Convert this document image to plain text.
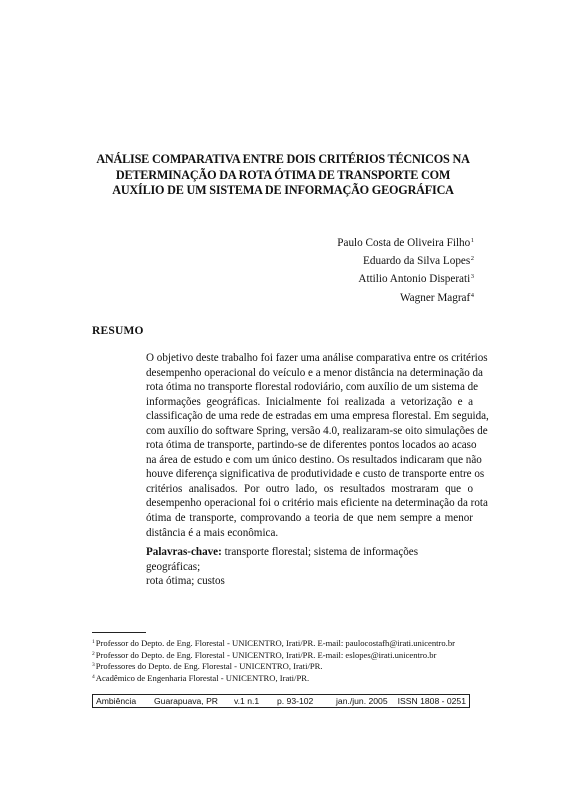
ANÁLISE COMPARATIVA ENTRE DOIS CRITÉRIOS TÉCNICOS NA
DETERMINAÇÃO DA ROTA ÓTIMA DE TRANSPORTE COM
AUXÍLIO DE UM SISTEMA DE INFORMAÇÃO GEOGRÁFICA
Paulo Costa de Oliveira Filho$^1$
Eduardo da Silva Lopes$^2$
Attilio Antonio Disperati$^3$
Wagner Magraf$^4$
RESUMO
O objetivo deste trabalho foi fazer uma análise comparativa entre os critérios
desempenho operacional do veículo e a menor distância na determinação da
rota ótima no transporte florestal rodoviário, com auxílio de um sistema de
informações geográficas. Inicialmente foi realizada a vetorização e a
classificação de uma rede de estradas em uma empresa florestal. Em seguida,
com auxílio do software Spring, versão 4.0, realizaram-se oito simulações de
rota ótima de transporte, partindo-se de diferentes pontos locados ao acaso
na área de estudo e com um único destino. Os resultados indicaram que não
houve diferença significativa de produtividade e custo de transporte entre os
critérios analisados. Por outro lado, os resultados mostraram que o
desempenho operacional foi o critério mais eficiente na determinação da rota
ótima de transporte, comprovando a teoria de que nem sempre a menor
distância é a mais econômica.
Palavras-chave: transporte florestal; sistema de informações geográficas;
rota ótima; custos
$^1$Professor do Depto. de Eng. Florestal - UNICENTRO, Irati/PR. E-mail: paulocostafh@irati.unicentro.br
$^2$Professor do Depto. de Eng. Florestal - UNICENTRO, Irati/PR. E-mail: eslopes@irati.unicentro.br
$^3$Professores do Depto. de Eng. Florestal - UNICENTRO, Irati/PR.
$^4$Acadêmico de Engenharia Florestal - UNICENTRO, Irati/PR.
Ambiência Guarapuava, PR v.1 n.1 p. 93-102	jan./jun. 2005 ISSN 1808 - 0251
